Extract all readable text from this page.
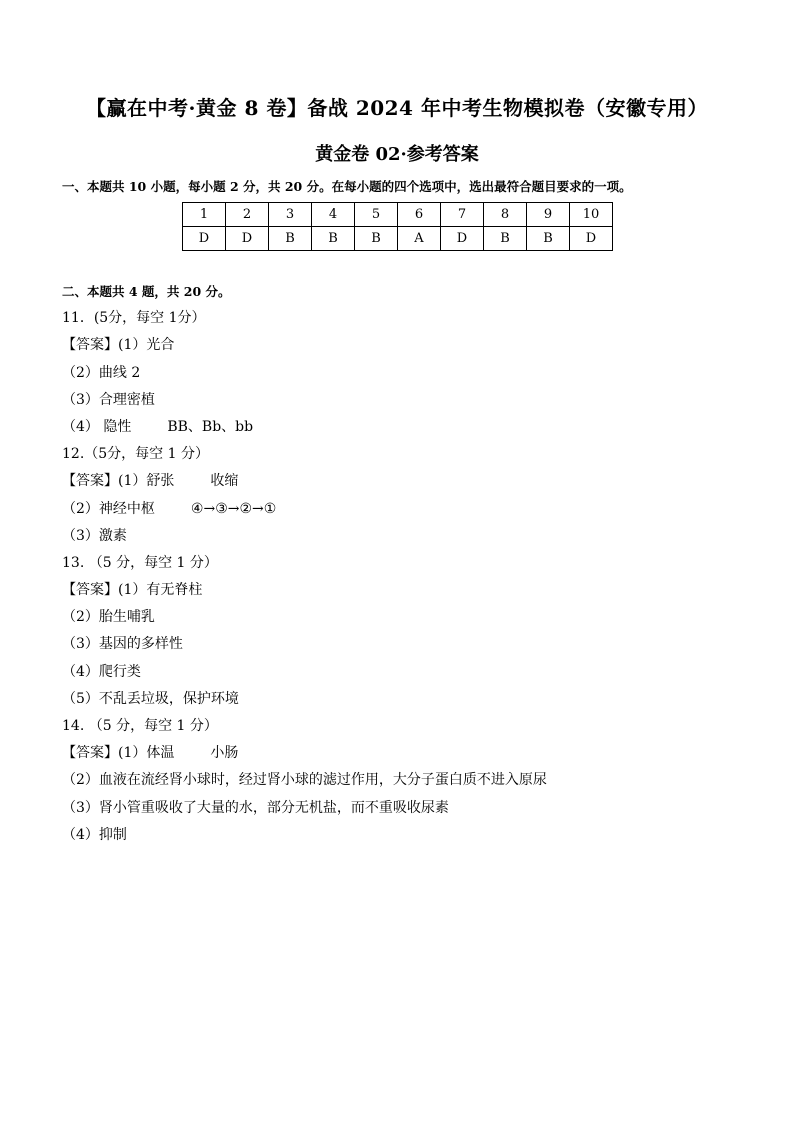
【赢在中考·黄金 8 卷】备战 2024 年中考生物模拟卷（安徽专用）
黄金卷 02·参考答案
一、本题共 10 小题，每小题 2 分，共 20 分。在每小题的四个选项中，选出最符合题目要求的一项。
1	2	3	4	5	6	7	8	9	10
D	D	B	B	B	A	D	B	B	D
二、本题共 4 题，共 20 分。
11．(5分，每空 1分）
【答案】(1）光合
（2）曲线 2
（3）合理密植
（4） 隐性	BB、Bb、bb
12.（5分，每空 1 分）
【答案】(1）舒张	收缩
（2）神经中枢	④→③→②→①
（3）激素
13. （5 分，每空 1 分）
【答案】(1）有无脊柱
（2）胎生哺乳
（3）基因的多样性
（4）爬行类
（5）不乱丢垃圾，保护环境
14. （5 分，每空 1 分）
【答案】(1）体温	小肠
（2）血液在流经肾小球时，经过肾小球的滤过作用，大分子蛋白质不进入原尿
（3）肾小管重吸收了大量的水，部分无机盐，而不重吸收尿素
（4）抑制
